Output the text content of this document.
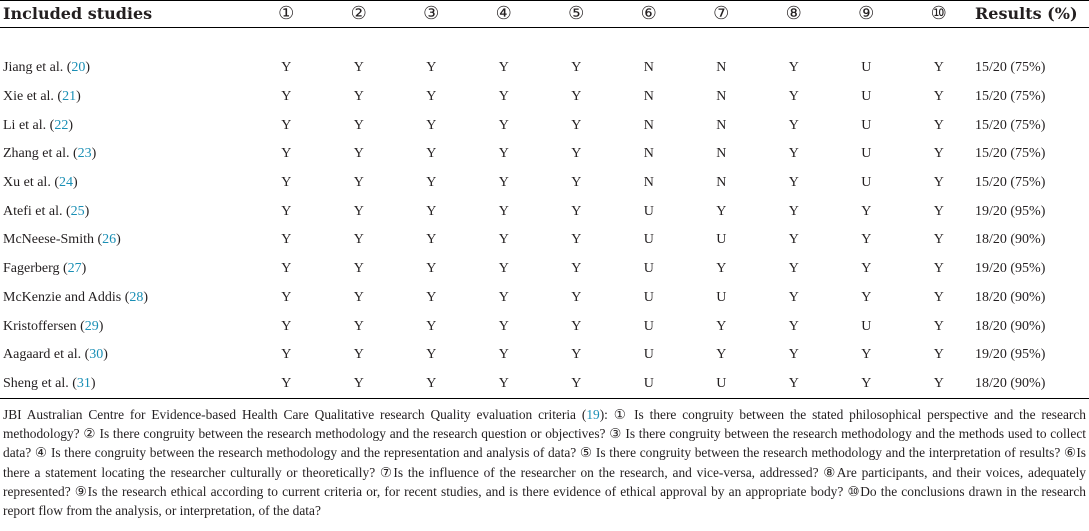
Included studies	①	②	③	④	⑤	⑥	⑦	⑧	⑨	⑩	Results (%)

Jiang et al. (20)	Y	Y	Y	Y	Y	N	N	Y	U	Y	15/20 (75%)
Xie et al. (21)	Y	Y	Y	Y	Y	N	N	Y	U	Y	15/20 (75%)
Li et al. (22)	Y	Y	Y	Y	Y	N	N	Y	U	Y	15/20 (75%)
Zhang et al. (23)	Y	Y	Y	Y	Y	N	N	Y	U	Y	15/20 (75%)
Xu et al. (24)	Y	Y	Y	Y	Y	N	N	Y	U	Y	15/20 (75%)
Atefi et al. (25)	Y	Y	Y	Y	Y	U	Y	Y	Y	Y	19/20 (95%)
McNeese-Smith (26)	Y	Y	Y	Y	Y	U	U	Y	Y	Y	18/20 (90%)
Fagerberg (27)	Y	Y	Y	Y	Y	U	Y	Y	Y	Y	19/20 (95%)
McKenzie and Addis (28)	Y	Y	Y	Y	Y	U	U	Y	Y	Y	18/20 (90%)
Kristoffersen (29)	Y	Y	Y	Y	Y	U	Y	Y	U	Y	18/20 (90%)
Aagaard et al. (30)	Y	Y	Y	Y	Y	U	Y	Y	Y	Y	19/20 (95%)
Sheng et al. (31)	Y	Y	Y	Y	Y	U	U	Y	Y	Y	18/20 (90%)
JBI Australian Centre for Evidence-based Health Care Qualitative research Quality evaluation criteria (19): ① Is there congruity between the stated philosophical perspective and the research methodology? ② Is there congruity between the research methodology and the research question or objectives? ③ Is there congruity between the research methodology and the methods used to collect data? ④ Is there congruity between the research methodology and the representation and analysis of data? ⑤ Is there congruity between the research methodology and the interpretation of results? ⑥Is there a statement locating the researcher culturally or theoretically? ⑦Is the influence of the researcher on the research, and vice-versa, addressed? ⑧Are participants, and their voices, adequately represented? ⑨Is the research ethical according to current criteria or, for recent studies, and is there evidence of ethical approval by an appropriate body? ⑩Do the conclusions drawn in the research report flow from the analysis, or interpretation, of the data?
